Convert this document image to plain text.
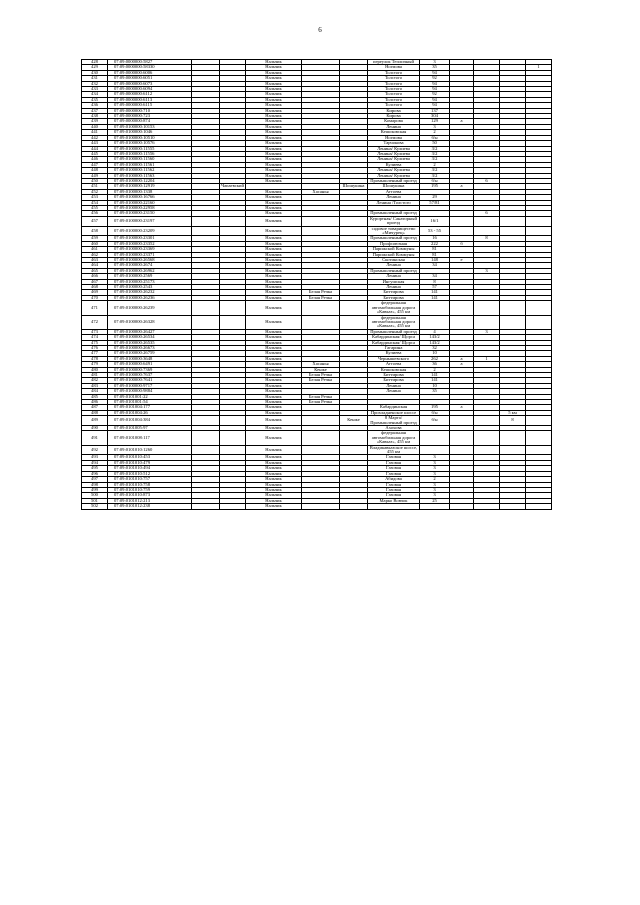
6
428	07:09:0000000:5827			Нальчик			переулок Тепличный	3				
429	07:09:0000000:58330			Нальчик			Ногмова	35				1
430	07:09:0000000:6006			Нальчик			Толстого	94				
431	07:09:0000000:6051			Нальчик			Толстого	92				
432	07:09:0000000:6073			Нальчик			Толстого	94				
433	07:09:0000000:6094			Нальчик			Толстого	94				
434	07:09:0000000:6112			Нальчик			Толстого	92				
435	07:09:0000000:6113			Нальчик			Толстого	94				
436	07:09:0000000:6115			Нальчик			Толстого	94				
437	07:09:0000000:710			Нальчик			Кирова	137				
438	07:09:0000000:723			Нальчик			Кирова	304				
439	07:09:0000000:874			Нальчик			Комарова	129	а			
440	07:09:0100000:10153			Нальчик			Ленина	3				
441	07:09:0100000:1046			Нальчик			Кешоковская	2				
442	07:09:0100000:10510			Нальчик			Ногмова	б/н				
443	07:09:0100000:10576			Нальчик			Тарчокова	50				
444	07:09:0100000:11555			Нальчик			Ленина/ Кулиева	3/2				
445	07:09:0100000:11556			Нальчик			Ленина/ Кулиева	3/2				
446	07:09:0100000:11560			Нальчик			Ленина/ Кулиева	3/2				
447	07:09:0100000:11561			Нальчик			Кулиева	2				
448	07:09:0100000:11562			Нальчик			Ленина/ Кулиева	3/2				
449	07:09:0100000:11563			Нальчик			Ленина/ Кулиева	3/2				
450	07:09:0100000:12204			Нальчик			Промышленный проезд	б/н		6		
451	07:09:0100000:12919		Чапаевский			Шошукина	Шошукина	195	а			
452	07:09:0100000:1338			Нальчик	Хасанья		Аттоева					
453	07:09:0100000:16766			Нальчик			Ленина	29				
454	07:09:0100000:22160			Нальчик			Ленина /Толстого	57/81				
455	07:09:0100000:22958			Нальчик								
456	07:09:0100000:23150			Нальчик			Промышленный проезд			6		
457	07:09:0100000:23197			Нальчик			Курортная/ Санаторный проезд	16/1				
458	07:09:0100000:23209			Нальчик			садовое товарищество «Мичурец»	53 - 55				
459	07:09:0100000:23301			Нальчик			Промышленный проезд	16		8		
460	07:09:0100000:23352			Нальчик			Профсоюзная	222	б			
461	07:09:0100000:23369			Нальчик			Парижской Коммуны	81				
462	07:09:0100000:23371			Нальчик			Парижской Коммуны	81				
463	07:09:0100000:26568			Нальчик			Скотинская	148	е			
464	07:09:0100000:2674			Нальчик			Ленина	34				
465	07:09:0100000:26962			Нальчик			Промышленный проезд			3		
466	07:09:0100000:2569			Нальчик			Ленина	34				
467	07:09:0100000:25173			Нальчик			Ингушская	8				
468	07:09:0100000:2543			Нальчик			Ленина	57				
469	07:09:0100000:26232			Нальчик	Белая Речка		Биттирова	141				
470	07:09:0100000:26236			Нальчик	Белая Речка		Биттирова	141				
471	07:09:0100000:26239			Нальчик			федеральная автомобильная дорога «Кавказ», 455 км					
472	07:09:0100000:26328			Нальчик			федеральная автомобильная дорога «Кавказ», 455 км					
473	07:09:0100000:26427			Нальчик			Промышленный проезд	4		3		
474	07:09:0100000:26534			Нальчик			Кабардинская/ Щорса	143/2				
475	07:09:0100000:26535			Нальчик			Кабардинская/ Щорса	143/2				
476	07:09:0100000:26673			Нальчик			Гагарина	32				
477	07:09:0100000:26759			Нальчик			Кулиева	10				
478	07:09:0100000:3648			Нальчик			Чернышевского	262	а	1		
479	07:09:0100000:6491			Нальчик	Хасанья		Аттоева	36	а			
480	07:09:0100000:7369			Нальчик	Кенже		Кешоковская	2				
481	07:09:0100000:7637			Нальчик	Белая Речка		Биттирова	141				
482	07:09:0100000:7641			Нальчик	Белая Речка		Биттирова	141				
483	07:09:0100000:9717			Нальчик			Ленина	10				
484	07:09:0100000:9884			Нальчик			Ленина	35				
485	07:09:0101001:22			Нальчик	Белая Речка							
486	07:09:0101001:54			Нальчик	Белая Речка							
487	07:09:0101004:177			Нальчик			Кабардинская	195	а			
488	07:09:0101004:26			Нальчик			Прохладненское шоссе	б/н			5 км	
489	07:09:0101004:384			Нальчик		Кенже	8 Марта/ Промышленный проезд	б/н			8	
490	07:09:0101005:97			Нальчик			Ахохова					
491	07:09:0101008:117			Нальчик			федеральная автомобильная дорога «Кавказ», 455 км					
492	07:09:0101010:1260			Нальчик			Владикавказское шоссе, 455 км					
493	07:09:0101010:453			Нальчик			Газовая	3				
494	07:09:0101010:479			Нальчик			Газовая	3				
495	07:09:0101010:494			Нальчик			Газовая	3				
496	07:09:0101010:512			Нальчик			Газовая	3				
497	07:09:0101010:757			Нальчик			Абидова	2				
498	07:09:0101010:758			Нальчик			Газовая	3				
499	07:09:0101010:759			Нальчик			Газовая	3				
500	07:09:0101010:873			Нальчик			Газовая	3				
501	07:09:0101012:213			Нальчик			Марко Вовчок	25				
502	07:09:0101012:238			Нальчик								
